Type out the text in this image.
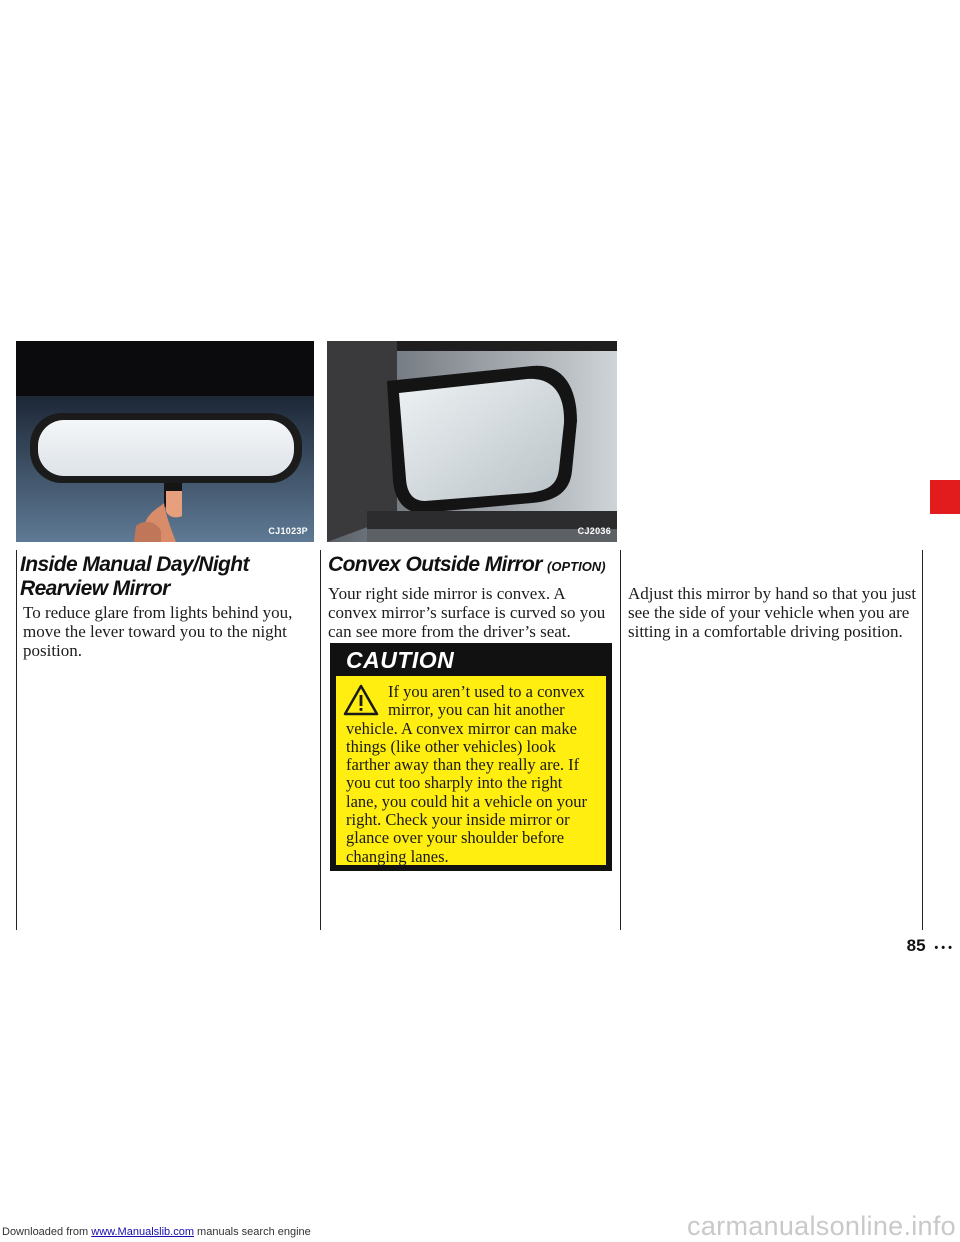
CJ1023P	CJ2036
Inside Manual Day/Night
Rearview Mirror

To reduce glare from lights behind you, move the lever toward you to the night position.

Convex Outside Mirror (OPTION)

Your right side mirror is convex. A convex mirror’s surface is curved so you can see more from the driver’s seat.

CAUTION

If you aren’t used to a convex mirror, you can hit another
vehicle. A convex mirror can make things (like other vehicles) look farther away than they really are. If you cut too sharply into the right lane, you could hit a vehicle on your right. Check your inside mirror or glance over your shoulder before changing lanes.

Adjust this mirror by hand so that you just see the side of your vehicle when you are sitting in a comfortable driving position.

85 • • •
Downloaded from www.Manualslib.com manuals search engine	carmanualsonline.info
